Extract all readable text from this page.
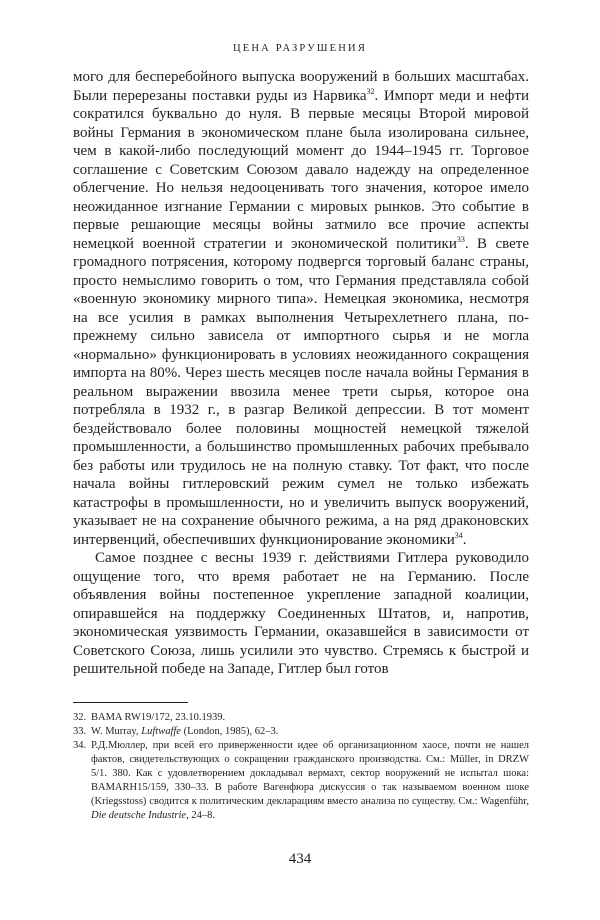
ЦЕНА РАЗРУШЕНИЯ

мого для бесперебойного выпуска вооружений в больших масштабах. Были перерезаны поставки руды из Нарвика$^{32}$. Импорт меди и нефти сократился буквально до нуля. В первые месяцы Второй мировой войны Германия в экономическом плане была изолирована сильнее, чем в какой-либо последующий момент до 1944–1945 гг. Торговое соглашение с Советским Союзом давало надежду на определенное облегчение. Но нельзя недооценивать того значения, которое имело неожиданное изгнание Германии с мировых рынков. Это событие в первые решающие месяцы войны затмило все прочие аспекты немецкой военной стратегии и экономической политики$^{33}$. В свете громадного потрясения, которому подвергся торговый баланс страны, просто немыслимо говорить о том, что Германия представляла собой «военную экономику мирного типа». Немецкая экономика, несмотря на все усилия в рамках выполнения Четырехлетнего плана, по-прежнему сильно зависела от импортного сырья и не могла «нормально» функционировать в условиях неожиданного сокращения импорта на 80%. Через шесть месяцев после начала войны Германия в реальном выражении ввозила менее трети сырья, которое она потребляла в 1932 г., в разгар Великой депрессии. В тот момент бездействовало более половины мощностей немецкой тяжелой промышленности, а большинство промышленных рабочих пребывало без работы или трудилось не на полную ставку. Тот факт, что после начала войны гитлеровский режим сумел не только избежать катастрофы в промышленности, но и увеличить выпуск вооружений, указывает не на сохранение обычного режима, а на ряд драконовских интервенций, обеспечивших функционирование экономики$^{34}$.

Самое позднее с весны 1939 г. действиями Гитлера руководило ощущение того, что время работает не на Германию. После объявления войны постепенное укрепление западной коалиции, опиравшейся на поддержку Соединенных Штатов, и, напротив, экономическая уязвимость Германии, оказавшейся в зависимости от Советского Союза, лишь усилили это чувство. Стремясь к быстрой и решительной победе на Западе, Гитлер был готов

32. BAMA RW19/172, 23.10.1939.
33. W. Murray, Luftwaffe (London, 1985), 62–3.
34. Р.Д.Мюллер, при всей его приверженности идее об организационном хаосе, почти не нашел фактов, свидетельствующих о сокращении гражданского производства. См.: Müller, in DRZW 5/1. 380. Как с удовлетворением докладывал вермахт, сектор вооружений не испытал шока: BAMARH15/159, 330–33. В работе Вагенфюра дискуссия о так называемом военном шоке (Kriegsstoss) сводится к политическим декларациям вместо анализа по существу. См.: Wagenführ, Die deutsche Industrie, 24–8.
434
